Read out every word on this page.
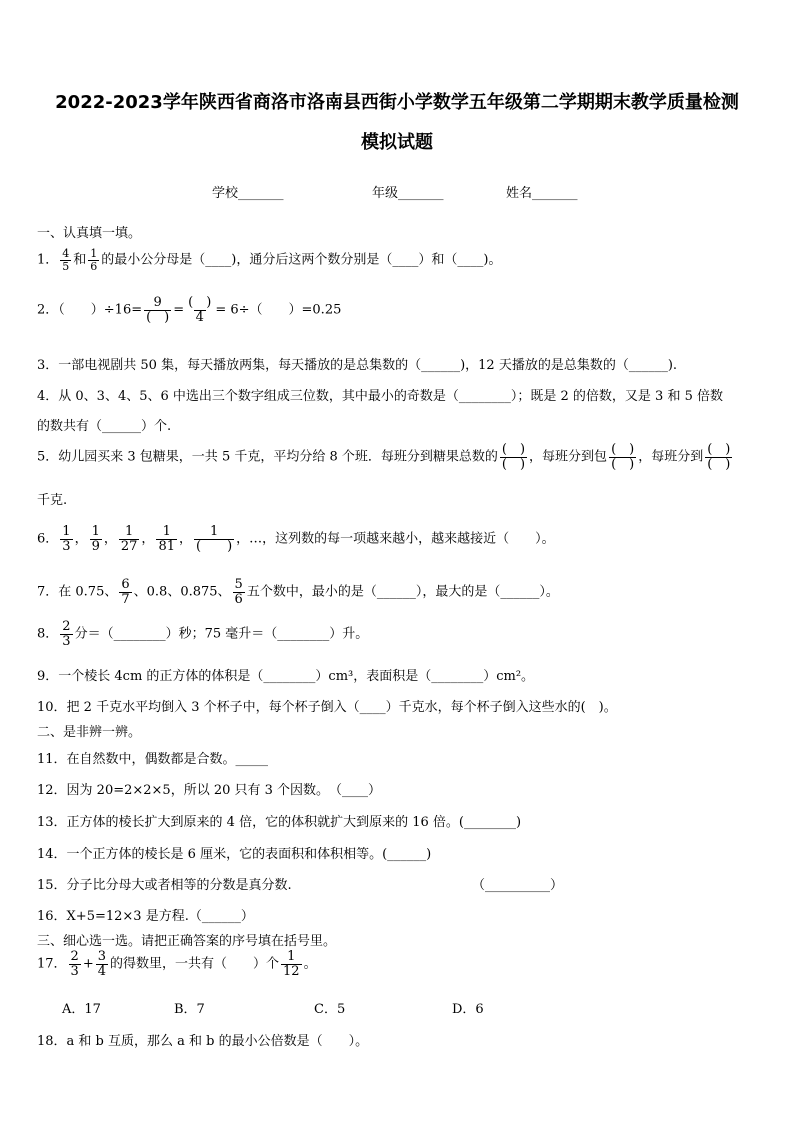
2022-2023学年陕西省商洛市洛南县西街小学数学五年级第二学期期末教学质量检测
模拟试题
学校_______	年级_______	姓名_______
一、认真填一填。
1． $\frac{4}{5}$ 和 $\frac{1}{6}$ 的最小公分母是（____)，通分后这两个数分别是（____）和（____)。
2．（　　）$\div 16= \frac{9}{( )} = \frac{( )}{4} = 6\div$（　　）=0.25
3．一部电视剧共 50 集，每天播放两集，每天播放的是总集数的（______)，12 天播放的是总集数的（______).
4．从 0、3、4、5、6 中选出三个数字组成三位数，其中最小的奇数是（________）；既是 2 的倍数，又是 3 和 5 倍数
的数共有（______）个.
5．幼儿园买来 3 包糖果，一共 5 千克，平均分给 8 个班．每班分到糖果总数的 $\frac{( )}{( )}$ ，每班分到包 $\frac{( )}{( )}$ ，每班分到 $\frac{( )}{( )}$
千克.
6． $\frac{1}{3}$ ， $\frac{1}{9}$ ， $\frac{1}{27}$ ， $\frac{1}{81}$ ， $\frac{1}{( )}$ ，…，这列数的每一项越来越小，越来越接近（　　）。
7．在 0.75、 $\frac{6}{7}$ 、0.8、0.875、 $\frac{5}{6}$ 五个数中，最小的是（______），最大的是（______）。
8． $\frac{2}{3}$ 分＝（________）秒；75 毫升＝（________）升。
9．一个棱长 4cm 的正方体的体积是（________）cm³，表面积是（________）cm²。
10．把 2 千克水平均倒入 3 个杯子中，每个杯子倒入（____）千克水，每个杯子倒入这些水的(　)。
二、是非辨一辨。
11．在自然数中，偶数都是合数。_____
12．因为 20=2×2×5，所以 20 只有 3 个因数。　（____）
13．正方体的棱长扩大到原来的 4 倍，它的体积就扩大到原来的 16 倍。(________)
14．一个正方体的棱长是 6 厘米，它的表面积和体积相等。(______)
15．分子比分母大或者相等的分数是真分数.	（__________）
16．X+5=12×3 是方程.（______）
三、细心选一选。请把正确答案的序号填在括号里。
17． $\frac{2}{3} + \frac{3}{4}$ 的得数里，一共有（　　）个 $\frac{1}{12}$ 。
A．17	B．7	C．5	D．6
18．a 和 b 互质，那么 a 和 b 的最小公倍数是（　　）。
